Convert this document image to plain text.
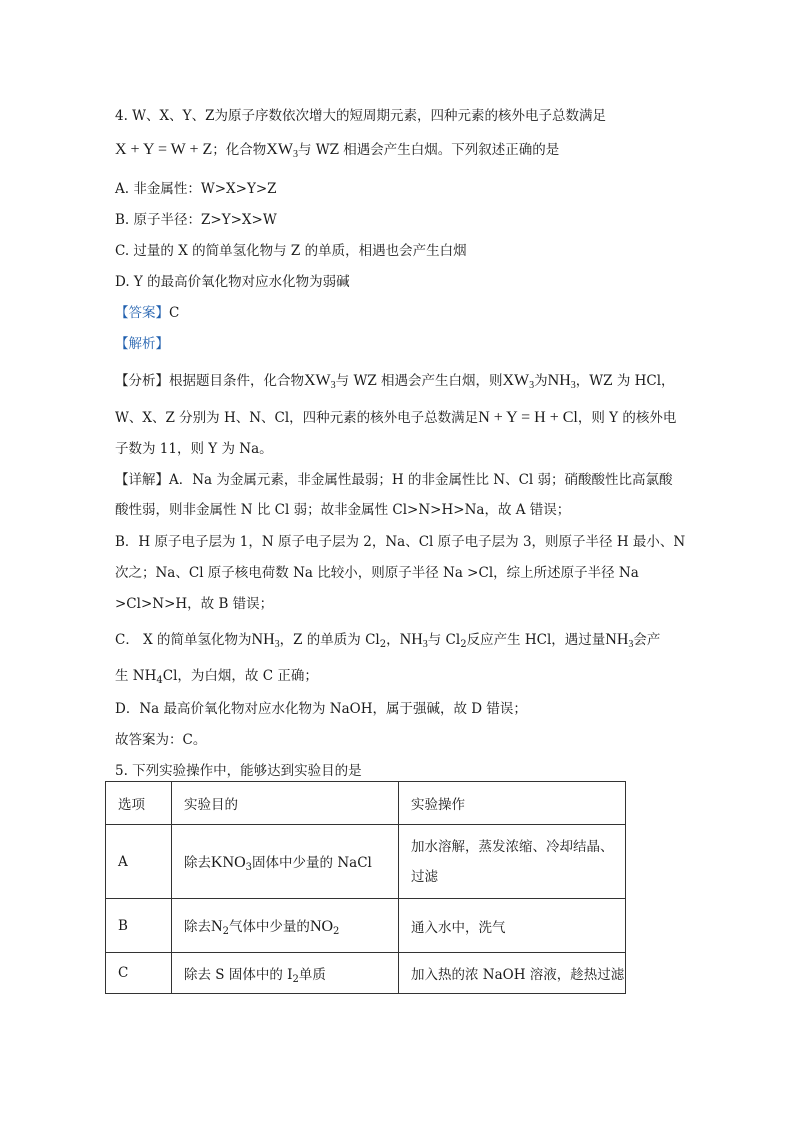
4. W、X、Y、Z为原子序数依次增大的短周期元素，四种元素的核外电子总数满足
X + Y = W + Z；化合物$XW_3$与 WZ 相遇会产生白烟。下列叙述正确的是
A. 非金属性：W>X>Y>Z
B. 原子半径：Z>Y>X>W
C. 过量的 X 的简单氢化物与 Z 的单质，相遇也会产生白烟
D. Y 的最高价氧化物对应水化物为弱碱
【答案】C
【解析】
【分析】根据题目条件，化合物$XW_3$与 WZ 相遇会产生白烟，则$XW_3$为$NH_3$，WZ 为 HCl，
W、X、Z 分别为 H、N、Cl，四种元素的核外电子总数满足N + Y = H + Cl，则 Y 的核外电
子数为 11，则 Y 为 Na。
【详解】A．Na 为金属元素，非金属性最弱；H 的非金属性比 N、Cl 弱；硝酸酸性比高氯酸
酸性弱，则非金属性 N 比 Cl 弱；故非金属性 Cl>N>H>Na，故 A 错误；
B．H 原子电子层为 1，N 原子电子层为 2，Na、Cl 原子电子层为 3，则原子半径 H 最小、N
次之；Na、Cl 原子核电荷数 Na 比较小，则原子半径 Na >Cl，综上所述原子半径 Na
>Cl>N>H，故 B 错误；
C． X 的简单氢化物为$NH_3$，Z 的单质为 $Cl_2$，$NH_3$与 $Cl_2$反应产生 HCl，遇过量$NH_3$会产
生 $NH_4Cl$，为白烟，故 C 正确；
D．Na 最高价氧化物对应水化物为 NaOH，属于强碱，故 D 错误；
故答案为：C。
5. 下列实验操作中，能够达到实验目的是
选项	实验目的	实验操作
A	除去$KNO_3$固体中少量的 NaCl	加水溶解，蒸发浓缩、冷却结晶、
过滤

B	除去$N_2$气体中少量的$NO_2$	通入水中，洗气
C	除去 S 固体中的 $I_2$单质	加入热的浓 NaOH 溶液，趁热过滤
